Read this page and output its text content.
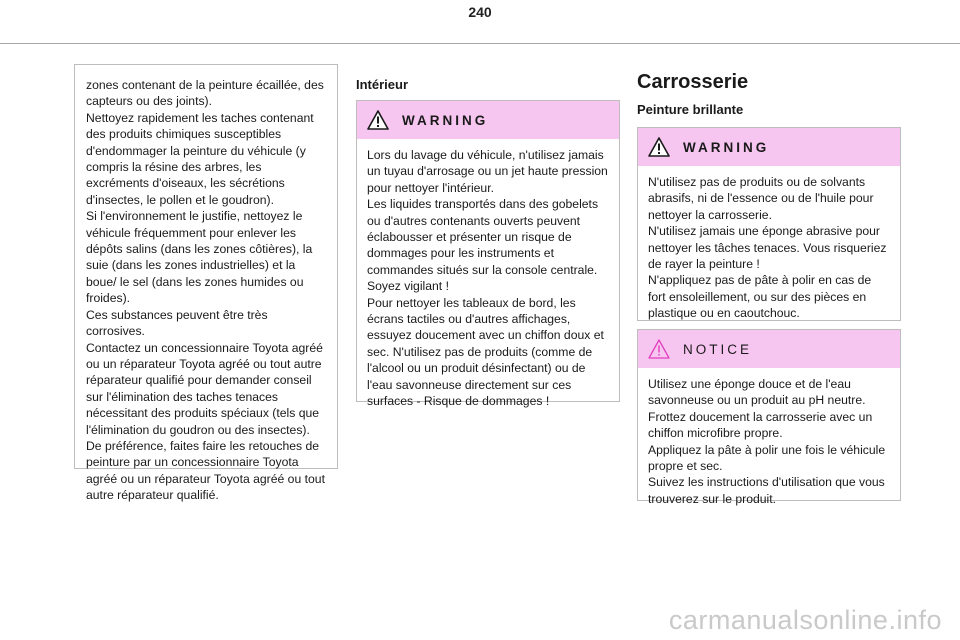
240

zones contenant de la peinture écaillée, des capteurs ou des joints).

Nettoyez rapidement les taches contenant des produits chimiques susceptibles d'endommager la peinture du véhicule (y compris la résine des arbres, les excréments d'oiseaux, les sécrétions d'insectes, le pollen et le goudron).

Si l'environnement le justifie, nettoyez le véhicule fréquemment pour enlever les dépôts salins (dans les zones côtières), la suie (dans les zones industrielles) et la boue/ le sel (dans les zones humides ou froides).

Ces substances peuvent être très corrosives.

Contactez un concessionnaire Toyota agréé ou un réparateur Toyota agréé ou tout autre réparateur qualifié pour demander conseil sur l'élimination des taches tenaces nécessitant des produits spéciaux (tels que l'élimination du goudron ou des insectes).

De préférence, faites faire les retouches de peinture par un concessionnaire Toyota agréé ou un réparateur Toyota agréé ou tout autre réparateur qualifié.

Intérieur
WARNING

Lors du lavage du véhicule, n'utilisez jamais un tuyau d'arrosage ou un jet haute pression pour nettoyer l'intérieur.

Les liquides transportés dans des gobelets ou d'autres contenants ouverts peuvent éclabousser et présenter un risque de dommages pour les instruments et commandes situés sur la console centrale.

Soyez vigilant !

Pour nettoyer les tableaux de bord, les écrans tactiles ou d'autres affichages, essuyez doucement avec un chiffon doux et sec. N'utilisez pas de produits (comme de l'alcool ou un produit désinfectant) ou de l'eau savonneuse directement sur ces surfaces - Risque de dommages !

Carrosserie
Peinture brillante
WARNING

N'utilisez pas de produits ou de solvants abrasifs, ni de l'essence ou de l'huile pour nettoyer la carrosserie.

N'utilisez jamais une éponge abrasive pour nettoyer les tâches tenaces. Vous risqueriez de rayer la peinture !

N'appliquez pas de pâte à polir en cas de fort ensoleillement, ou sur des pièces en plastique ou en caoutchouc.

NOTICE

Utilisez une éponge douce et de l'eau savonneuse ou un produit au pH neutre.

Frottez doucement la carrosserie avec un chiffon microfibre propre.

Appliquez la pâte à polir une fois le véhicule propre et sec.

Suivez les instructions d'utilisation que vous trouverez sur le produit.

carmanualsonline.info
